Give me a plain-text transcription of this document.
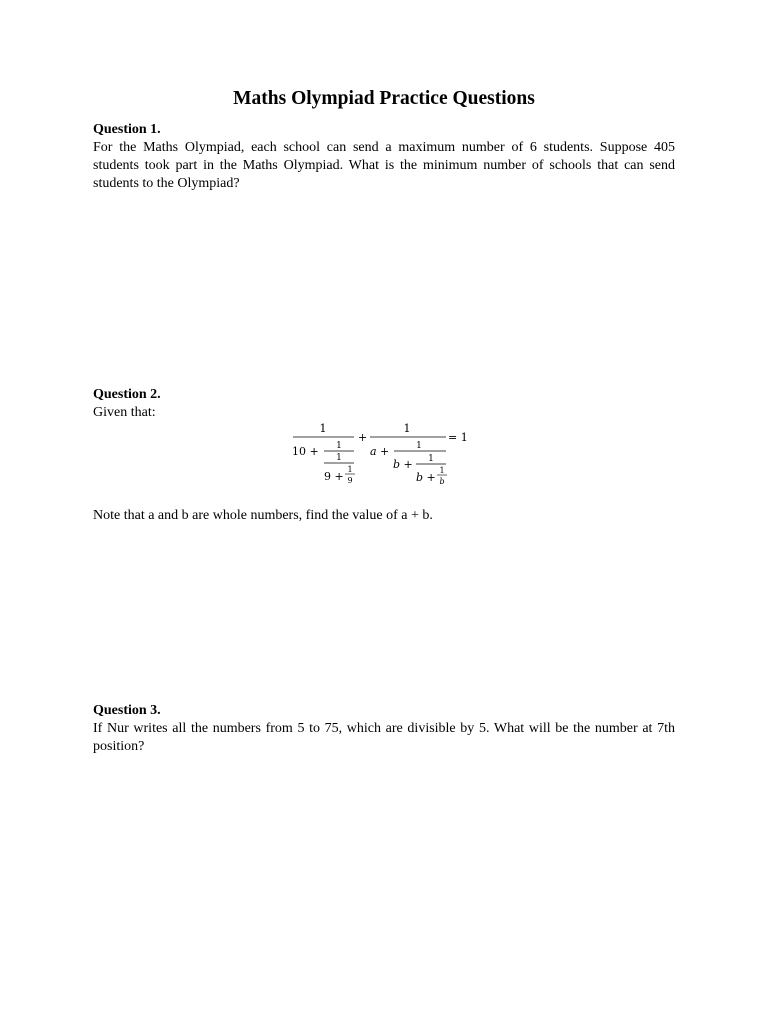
Maths Olympiad Practice Questions
Question 1.
For the Maths Olympiad, each school can send a maximum number of 6 students. Suppose 405 students took part in the Maths Olympiad. What is the minimum number of schools that can send students to the Olympiad?
Question 2.
Given that:
1
10 + 1
1
9 +
1
9
+
1
a +	1
b + 1
b +
1
b
= 1
Note that a and b are whole numbers, find the value of a + b.
Question 3.
If Nur writes all the numbers from 5 to 75, which are divisible by 5. What will be the number at 7th position?
